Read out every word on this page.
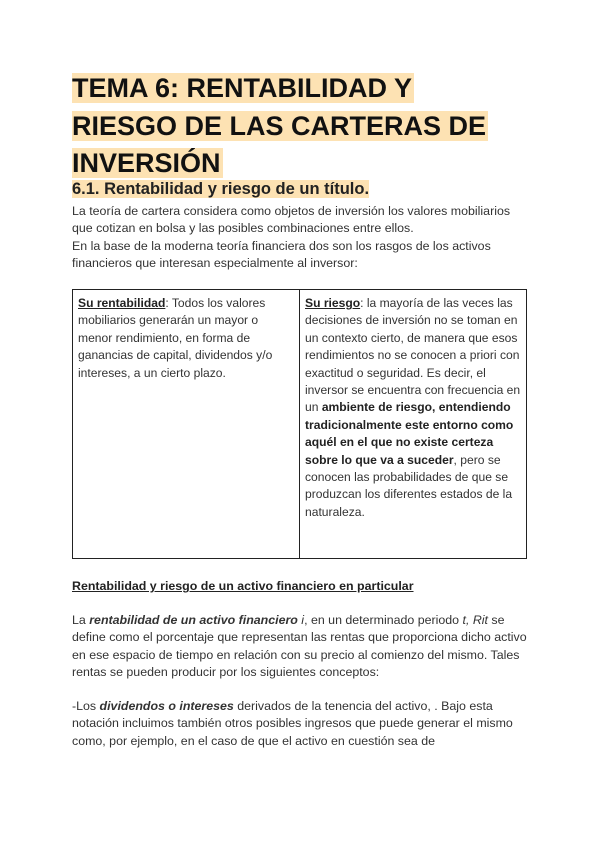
TEMA 6: RENTABILIDAD Y
RIESGO DE LAS CARTERAS DE
INVERSIÓN
6.1. Rentabilidad y riesgo de un título.

La teoría de cartera considera como objetos de inversión los valores mobiliarios que cotizan en bolsa y las posibles combinaciones entre ellos.

En la base de la moderna teoría financiera dos son los rasgos de los activos financieros que interesan especialmente al inversor:

Su rentabilidad: Todos los valores mobiliarios generarán un mayor o menor rendimiento, en forma de ganancias de capital, dividendos y/o intereses, a un cierto plazo.
Su riesgo: la mayoría de las veces las decisiones de inversión no se toman en un contexto cierto, de manera que esos rendimientos no se conocen a priori con exactitud o seguridad. Es decir, el inversor se encuentra con frecuencia en un ambiente de riesgo, entendiendo tradicionalmente este entorno como aquél en el que no existe certeza sobre lo que va a suceder, pero se conocen las probabilidades de que se produzcan los diferentes estados de la naturaleza.

Rentabilidad y riesgo de un activo financiero en particular

La rentabilidad de un activo financiero i, en un determinado periodo t, Rit se define como el porcentaje que representan las rentas que proporciona dicho activo en ese espacio de tiempo en relación con su precio al comienzo del mismo. Tales rentas se pueden producir por los siguientes conceptos:

-Los dividendos o intereses derivados de la tenencia del activo, . Bajo esta notación incluimos también otros posibles ingresos que puede generar el mismo como, por ejemplo, en el caso de que el activo en cuestión sea de
